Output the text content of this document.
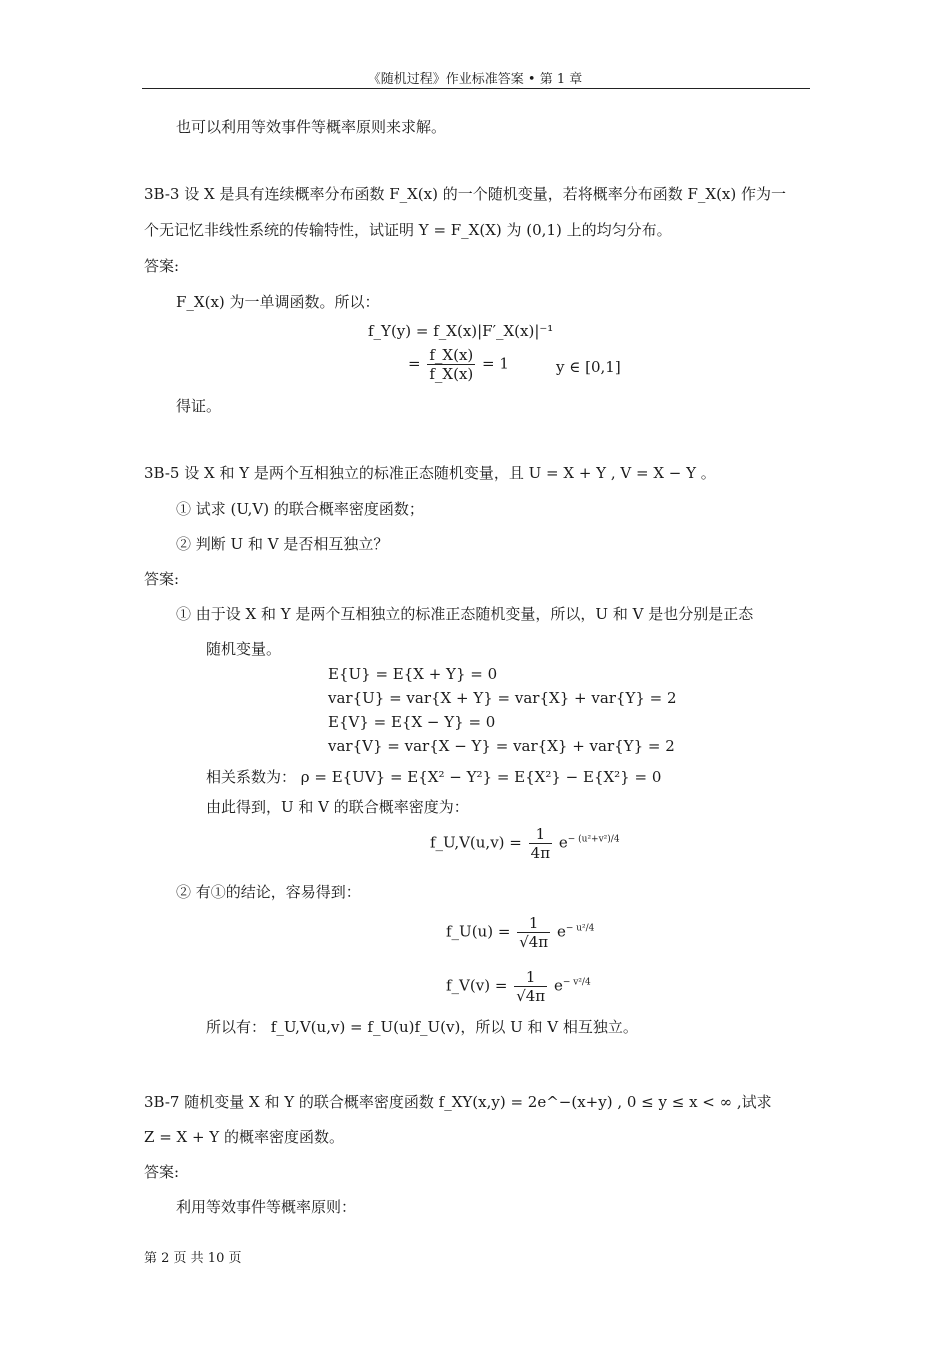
《随机过程》作业标准答案 • 第 1 章
也可以利用等效事件等概率原则来求解。
3B-3 设 X 是具有连续概率分布函数 F_X(x) 的一个随机变量，若将概率分布函数 F_X(x) 作为一
个无记忆非线性系统的传输特性，试证明 Y = F_X(X) 为 (0,1) 上的均匀分布。
答案:
F_X(x) 为一单调函数。所以：
f_Y(y) = f_X(x)|F′_X(x)|⁻¹
= $\frac{f\_X(x)}{f\_X(x)} = 1$	y ∈ [0,1]
得证。
3B-5 设 X 和 Y 是两个互相独立的标准正态随机变量，且 U = X + Y , V = X − Y 。
① 试求 (U,V) 的联合概率密度函数；
② 判断 U 和 V 是否相互独立？
答案:
① 由于设 X 和 Y 是两个互相独立的标准正态随机变量，所以，U 和 V 是也分别是正态
随机变量。
E{U} = E{X + Y} = 0
var{U} = var{X + Y} = var{X} + var{Y} = 2
E{V} = E{X − Y} = 0
var{V} = var{X − Y} = var{X} + var{Y} = 2
相关系数为： ρ = E{UV} = E{X² − Y²} = E{X²} − E{X²} = 0
由此得到，U 和 V 的联合概率密度为：
f_U,V(u,v) = $\frac{1}{4\pi} e^{- (u^2+v^2)/4}$
② 有①的结论，容易得到：
f_U(u) = $\frac{1}{√4\pi} e^{- u^2/4}$
f_V(v) = $\frac{1}{√4\pi} e^{- v^2/4}$
所以有： f_U,V(u,v) = f_U(u)f_U(v)，所以 U 和 V 相互独立。
3B-7 随机变量 X 和 Y 的联合概率密度函数 f_XY(x,y) = 2e^−(x+y) , 0 ≤ y ≤ x < ∞ ,试求
Z = X + Y 的概率密度函数。
答案:
利用等效事件等概率原则：
第 2 页 共 10 页
